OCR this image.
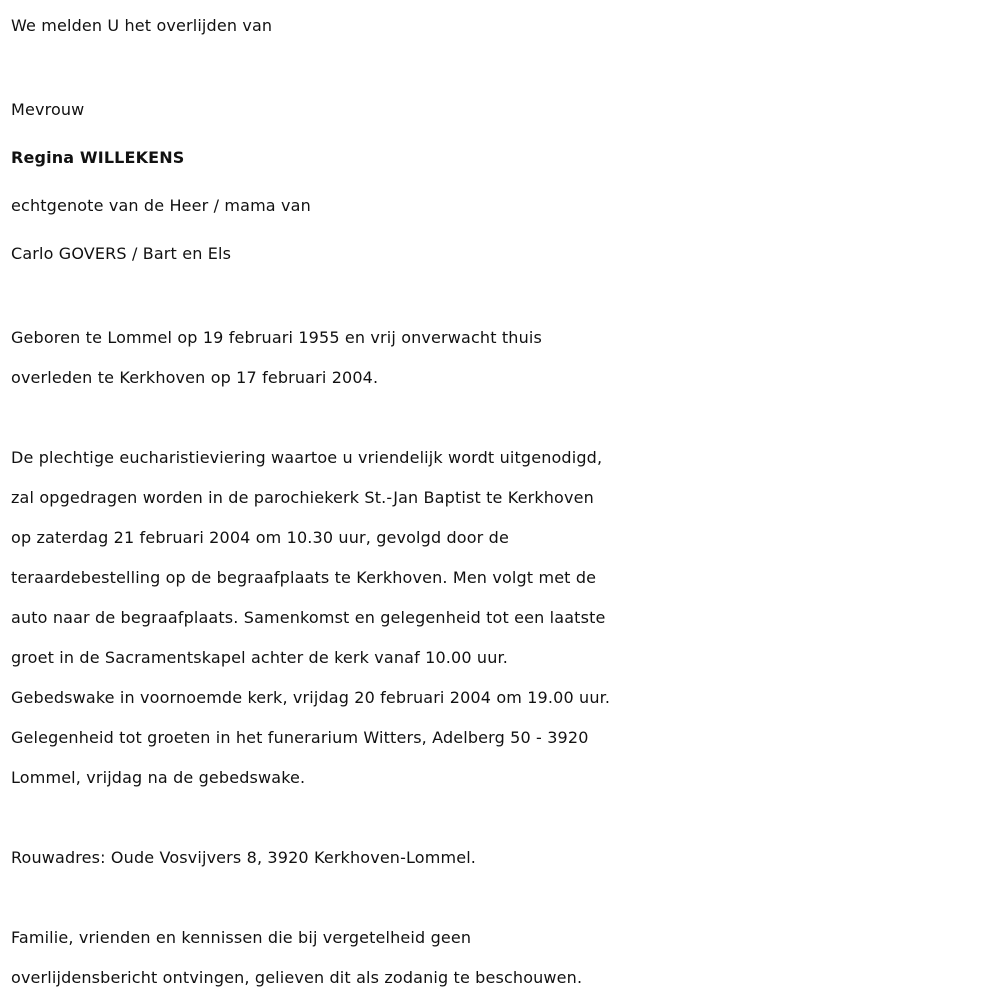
We melden U het overlijden van
Mevrouw
Regina WILLEKENS
echtgenote van de Heer / mama van
Carlo GOVERS / Bart en Els
Geboren te Lommel op 19 februari 1955 en vrij onverwacht thuis
overleden te Kerkhoven op 17 februari 2004.
De plechtige eucharistieviering waartoe u vriendelijk wordt uitgenodigd,
zal opgedragen worden in de parochiekerk St.-Jan Baptist te Kerkhoven
op zaterdag 21 februari 2004 om 10.30 uur, gevolgd door de
teraardebestelling op de begraafplaats te Kerkhoven. Men volgt met de
auto naar de begraafplaats. Samenkomst en gelegenheid tot een laatste
groet in de Sacramentskapel achter de kerk vanaf 10.00 uur.
Gebedswake in voornoemde kerk, vrijdag 20 februari 2004 om 19.00 uur.
Gelegenheid tot groeten in het funerarium Witters, Adelberg 50 - 3920
Lommel, vrijdag na de gebedswake.
Rouwadres: Oude Vosvijvers 8, 3920 Kerkhoven-Lommel.
Familie, vrienden en kennissen die bij vergetelheid geen
overlijdensbericht ontvingen, gelieven dit als zodanig te beschouwen.
